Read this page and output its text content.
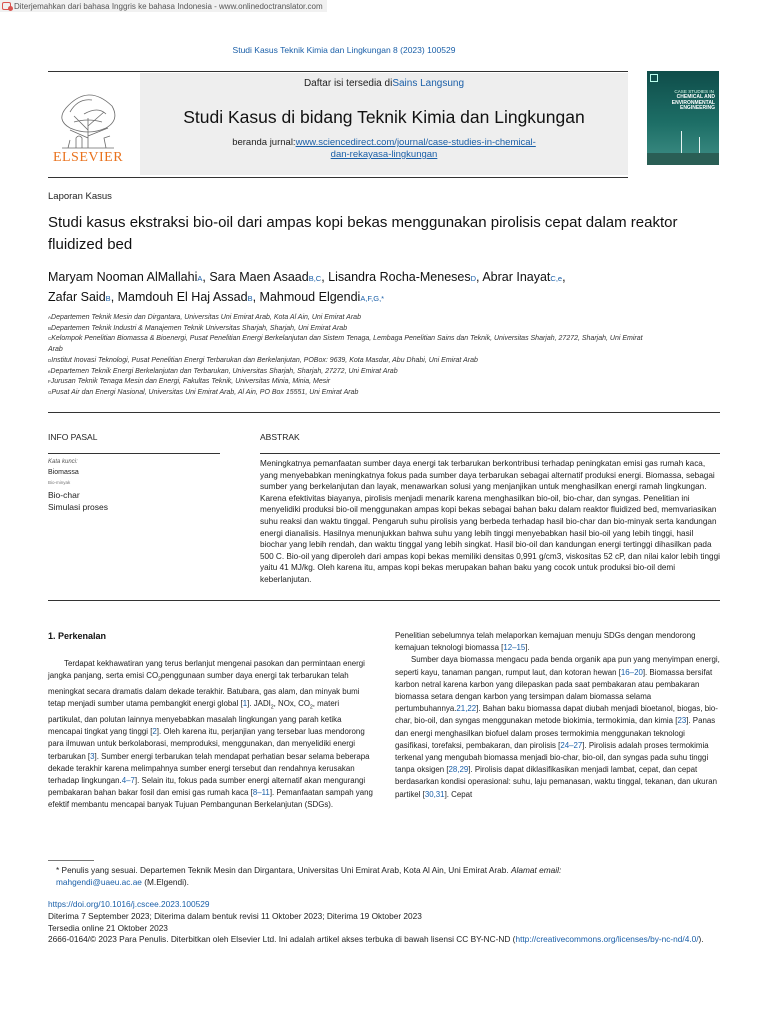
Diterjemahkan dari bahasa Inggris ke bahasa Indonesia - www.onlinedoctranslator.com
Studi Kasus Teknik Kimia dan Lingkungan 8 (2023) 100529
ELSEVIER
Daftar isi tersedia diSains Langsung
Studi Kasus di bidang Teknik Kimia dan Lingkungan
beranda jurnal:www.sciencedirect.com/journal/case-studies-in-chemical-
dan-rekayasa-lingkungan
CASE STUDIES IN
CHEMICAL AND ENVIRONMENTAL ENGINEERING
Laporan Kasus
Studi kasus ekstraksi bio-oil dari ampas kopi bekas menggunakan pirolisis cepat dalam reaktor fluidized bed
Maryam Nooman AlMallahiA, Sara Maen AsaadB,C, Lisandra Rocha-MenesesD, Abrar InayatC,e,
Zafar SaidB, Mamdouh El Haj AssadB, Mahmoud ElgendiA,F,G,*
ADepartemen Teknik Mesin dan Dirgantara, Universitas Uni Emirat Arab, Kota Al Ain, Uni Emirat Arab
BDepartemen Teknik Industri & Manajemen Teknik Universitas Sharjah, Sharjah, Uni Emirat Arab
CKelompok Penelitian Biomassa & Bioenergi, Pusat Penelitian Energi Berkelanjutan dan Sistem Tenaga, Lembaga Penelitian Sains dan Teknik, Universitas Sharjah, 27272, Sharjah, Uni Emirat Arab
DInstitut Inovasi Teknologi, Pusat Penelitian Energi Terbarukan dan Berkelanjutan, POBox: 9639, Kota Masdar, Abu Dhabi, Uni Emirat Arab
eDepartemen Teknik Energi Berkelanjutan dan Terbarukan, Universitas Sharjah, Sharjah, 27272, Uni Emirat Arab
FJurusan Teknik Tenaga Mesin dan Energi, Fakultas Teknik, Universitas Minia, Minia, Mesir
GPusat Air dan Energi Nasional, Universitas Uni Emirat Arab, Al Ain, PO Box 15551, Uni Emirat Arab
INFO PASAL	ABSTRAK
Kata kunci:
Biomassa
Bio-minyak
Bio-char
Simulasi proses
Meningkatnya pemanfaatan sumber daya energi tak terbarukan berkontribusi terhadap peningkatan emisi gas rumah kaca, yang menyebabkan meningkatnya fokus pada sumber daya terbarukan sebagai alternatif produksi energi. Biomassa, sebagai sumber yang berkelanjutan dan layak, menawarkan solusi yang menjanjikan untuk menghasilkan energi ramah lingkungan. Karena efektivitas biayanya, pirolisis menjadi menarik karena menghasilkan bio-oil, bio-char, dan syngas. Penelitian ini menyelidiki produksi bio-oil menggunakan ampas kopi bekas sebagai bahan baku dalam reaktor fluidized bed, memvariasikan suhu reaksi dan waktu tinggal. Pengaruh suhu pirolisis yang berbeda terhadap hasil bio-char dan bio-minyak serta kandungan energi dianalisis. Hasilnya menunjukkan bahwa suhu yang lebih tinggi menyebabkan hasil bio-oil yang lebih tinggi, hasil biochar yang lebih rendah, dan waktu tinggal yang lebih singkat. Hasil bio-oil dan kandungan energi tertinggi dihasilkan pada 500 C. Bio-oil yang diperoleh dari ampas kopi bekas memiliki densitas 0,991 g/cm3, viskositas 52 cP, dan nilai kalor lebih tinggi yaitu 41 MJ/kg. Oleh karena itu, ampas kopi bekas merupakan bahan baku yang cocok untuk produksi bio-oil demi keberlanjutan.
1. Perkenalan

Terdapat kekhawatiran yang terus berlanjut mengenai pasokan dan permintaan energi jangka panjang, serta emisi $CO_2penggunaan$ sumber daya energi tak terbarukan telah meningkat secara dramatis dalam dekade terakhir. Batubara, gas alam, dan minyak bumi tetap menjadi sumber utama pembangkit energi global [1]. $JADI_2$, NOx, $CO_2$, materi partikulat, dan polutan lainnya menyebabkan masalah lingkungan yang parah ketika mencapai tingkat yang tinggi [2]. Oleh karena itu, perjanjian yang tersebar luas mendorong para ilmuwan untuk berkolaborasi, memproduksi, menggunakan, dan menyelidiki energi terbarukan [3]. Sumber energi terbarukan telah mendapat perhatian besar selama beberapa dekade terakhir karena melimpahnya sumber energi tersebut dan rendahnya kerusakan terhadap lingkungan.4–7]. Selain itu, fokus pada sumber energi alternatif akan mengurangi pembakaran bahan bakar fosil dan emisi gas rumah kaca [8–11]. Pemanfaatan sampah yang efektif membantu mencapai banyak Tujuan Pembangunan Berkelanjutan (SDGs).

Penelitian sebelumnya telah melaporkan kemajuan menuju SDGs dengan mendorong kemajuan teknologi biomassa [12–15].

Sumber daya biomassa mengacu pada benda organik apa pun yang menyimpan energi, seperti kayu, tanaman pangan, rumput laut, dan kotoran hewan [16–20]. Biomassa bersifat karbon netral karena karbon yang dilepaskan pada saat pembakaran atau pembakaran biomassa setara dengan karbon yang tersimpan dalam biomassa selama pertumbuhannya.21,22]. Bahan baku biomassa dapat diubah menjadi bioetanol, biogas, bio-char, bio-oil, dan syngas menggunakan metode biokimia, termokimia, dan kimia [23]. Panas dan energi menghasilkan biofuel dalam proses termokimia menggunakan teknologi gasifikasi, torefaksi, pembakaran, dan pirolisis [24–27]. Pirolisis adalah proses termokimia terkenal yang mengubah biomassa menjadi bio-char, bio-oil, dan syngas pada suhu tinggi tanpa oksigen [28,29]. Pirolisis dapat diklasifikasikan menjadi lambat, cepat, dan cepat berdasarkan kondisi operasional: suhu, laju pemanasan, waktu tinggal, tekanan, dan ukuran partikel [30,31]. Cepat

* Penulis yang sesuai. Departemen Teknik Mesin dan Dirgantara, Universitas Uni Emirat Arab, Kota Al Ain, Uni Emirat Arab. Alamat email:
mahgendi@uaeu.ac.ae (M.Elgendi).
https://doi.org/10.1016/j.cscee.2023.100529
Diterima 7 September 2023; Diterima dalam bentuk revisi 11 Oktober 2023; Diterima 19 Oktober 2023
Tersedia online 21 Oktober 2023
2666-0164/© 2023 Para Penulis. Diterbitkan oleh Elsevier Ltd. Ini adalah artikel akses terbuka di bawah lisensi CC BY-NC-ND (http://creativecommons.org/licenses/by-nc-nd/4.0/).
